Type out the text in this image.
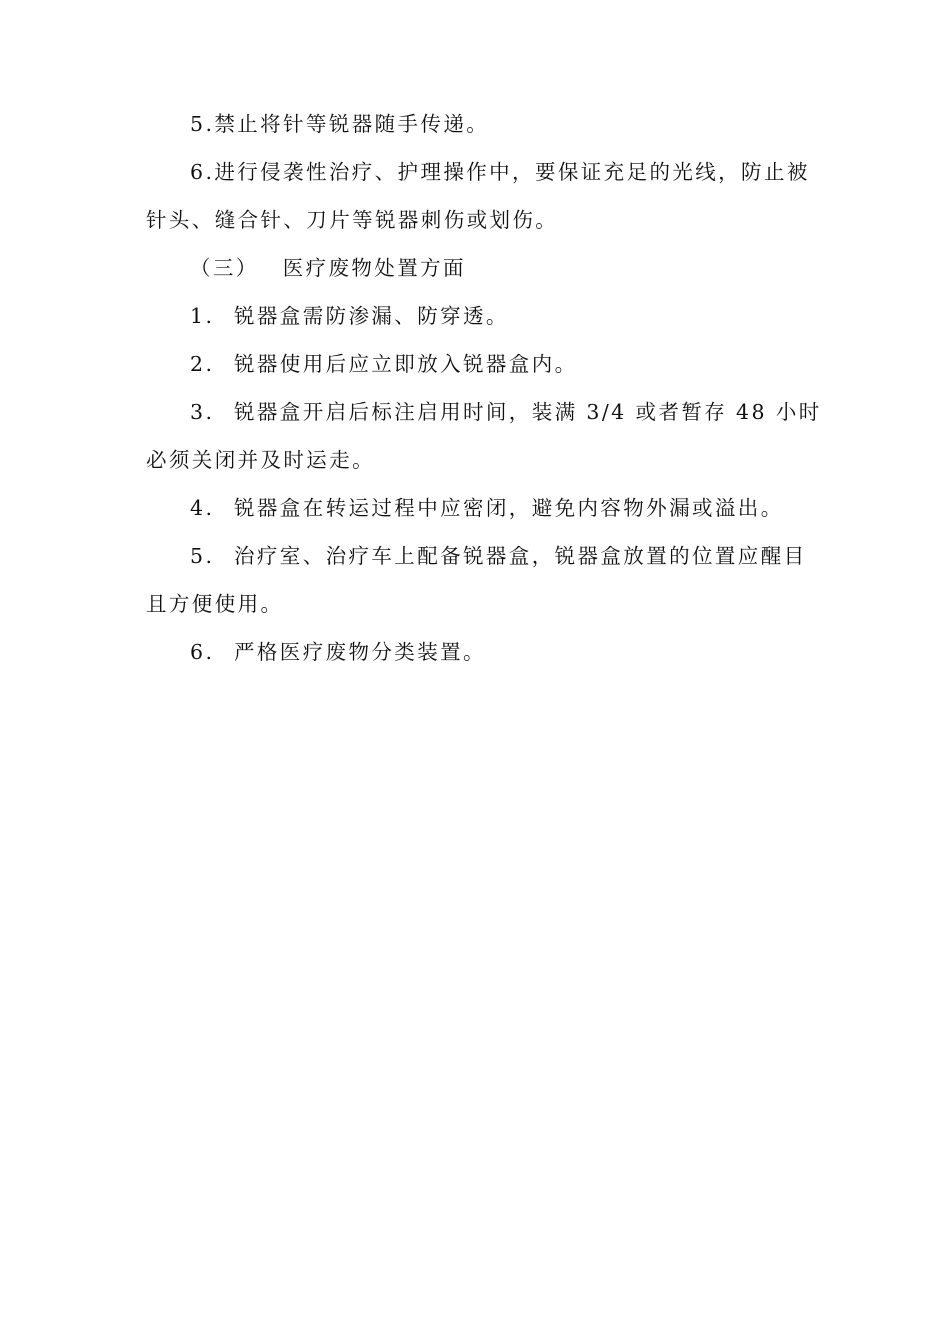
5.禁止将针等锐器随手传递。

6.进行侵袭性治疗、护理操作中，要保证充足的光线，防止被针头、缝合针、刀片等锐器刺伤或划伤。

（三） 医疗废物处置方面

1. 锐器盒需防渗漏、防穿透。

2. 锐器使用后应立即放入锐器盒内。

3. 锐器盒开启后标注启用时间，装满 3/4 或者暂存 48 小时必须关闭并及时运走。

4. 锐器盒在转运过程中应密闭，避免内容物外漏或溢出。

5. 治疗室、治疗车上配备锐器盒，锐器盒放置的位置应醒目且方便使用。

6. 严格医疗废物分类装置。
